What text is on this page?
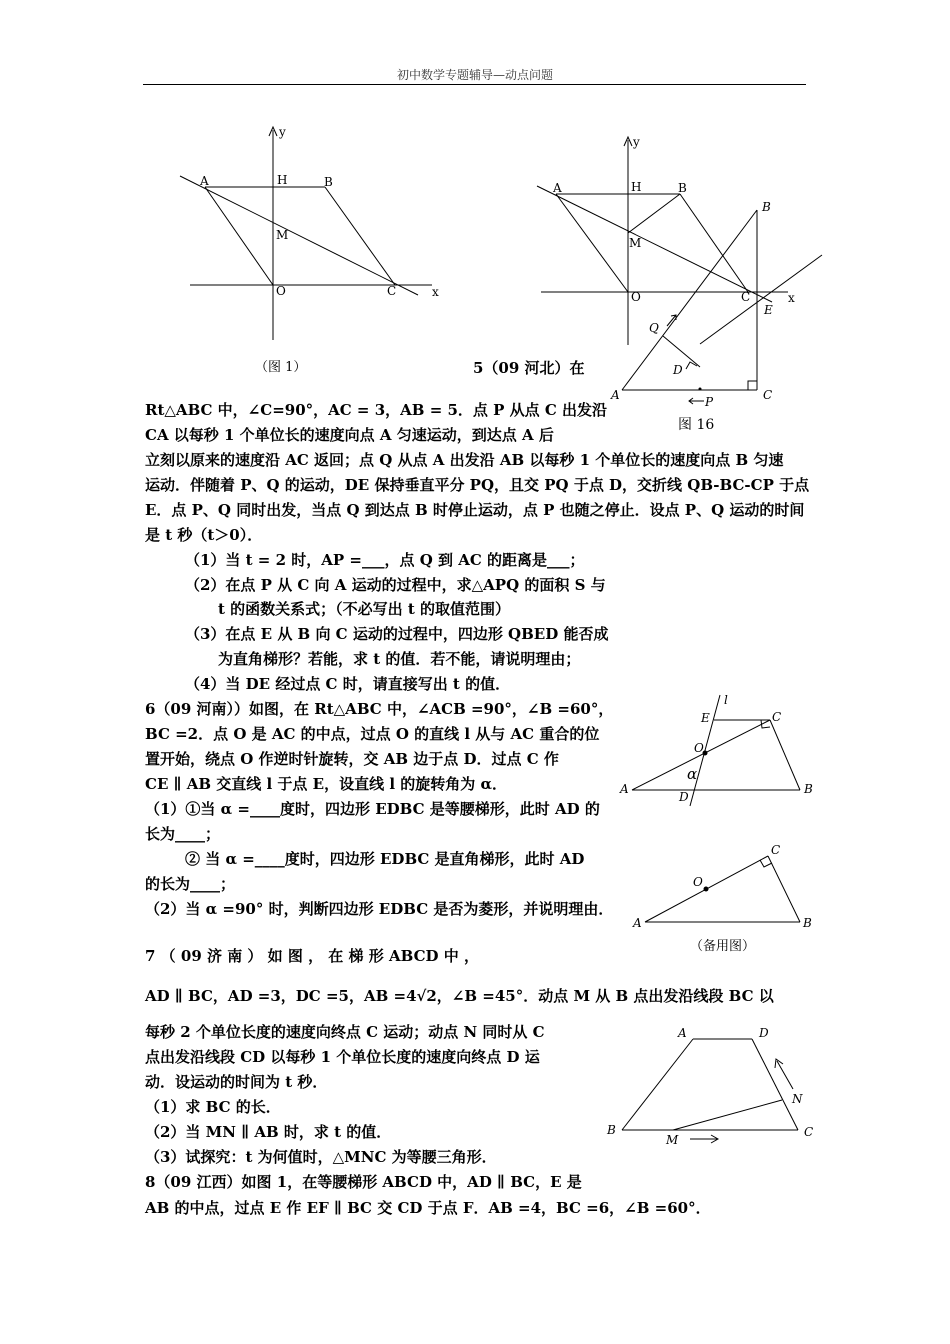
初中数学专题辅导—动点问题
y
A	H	B
M
O	C	x
（图 1）
y
A	H	B
M
O	C	x
B
E
Q
D
P
A	C
图 16
5（09 河北）在
Rt△ABC 中，∠C=90°，AC = 3，AB = 5．点 P 从点 C 出发沿
CA 以每秒 1 个单位长的速度向点 A 匀速运动，到达点 A 后
立刻以原来的速度沿 AC 返回；点 Q 从点 A 出发沿 AB 以每秒 1 个单位长的速度向点 B 匀速
运动．伴随着 P、Q 的运动，DE 保持垂直平分 PQ，且交 PQ 于点 D，交折线 QB-BC-CP 于点
E．点 P、Q 同时出发，当点 Q 到达点 B 时停止运动，点 P 也随之停止．设点 P、Q 运动的时间
是 t 秒（t＞0）．
（1）当 t = 2 时，AP =___，点 Q 到 AC 的距离是___；
（2）在点 P 从 C 向 A 运动的过程中，求△APQ 的面积 S 与
t 的函数关系式；（不必写出 t 的取值范围）
（3）在点 E 从 B 向 C 运动的过程中，四边形 QBED 能否成
为直角梯形？若能，求 t 的值．若不能，请说明理由；
（4）当 DE 经过点 C 时，请直接写出 t 的值．
6（09 河南））如图，在 Rt△ABC 中，∠ACB =90°，∠B =60°，
BC =2．点 O 是 AC 的中点，过点 O 的直线 l 从与 AC 重合的位
置开始，绕点 O 作逆时针旋转，交 AB 边于点 D．过点 C 作
CE ∥ AB 交直线 l 于点 E，设直线 l 的旋转角为 α．
（1）①当 α =____度时，四边形 EDBC 是等腰梯形，此时 AD 的
长为____；
② 当 α =____度时，四边形 EDBC 是直角梯形，此时 AD
的长为____；
（2）当 α =90° 时，判断四边形 EDBC 是否为菱形，并说明理由．
l
E	C
O
α
A
D
B
C
O
A	B
（备用图）
7 （ 09 济 南 ） 如 图 ， 在 梯 形 ABCD 中 ，
AD ∥ BC，AD =3，DC =5，AB =4√2，∠B =45°．动点 M 从 B 点出发沿线段 BC 以
每秒 2 个单位长度的速度向终点 C 运动；动点 N 同时从 C
点出发沿线段 CD 以每秒 1 个单位长度的速度向终点 D 运
动．设运动的时间为 t 秒．
（1）求 BC 的长．
（2）当 MN ∥ AB 时，求 t 的值．
（3）试探究：t 为何值时，△MNC 为等腰三角形．
A	D
N
B
M
C
8（09 江西）如图 1，在等腰梯形 ABCD 中，AD ∥ BC，E 是
AB 的中点，过点 E 作 EF ∥ BC 交 CD 于点 F．AB =4，BC =6，∠B =60°．
